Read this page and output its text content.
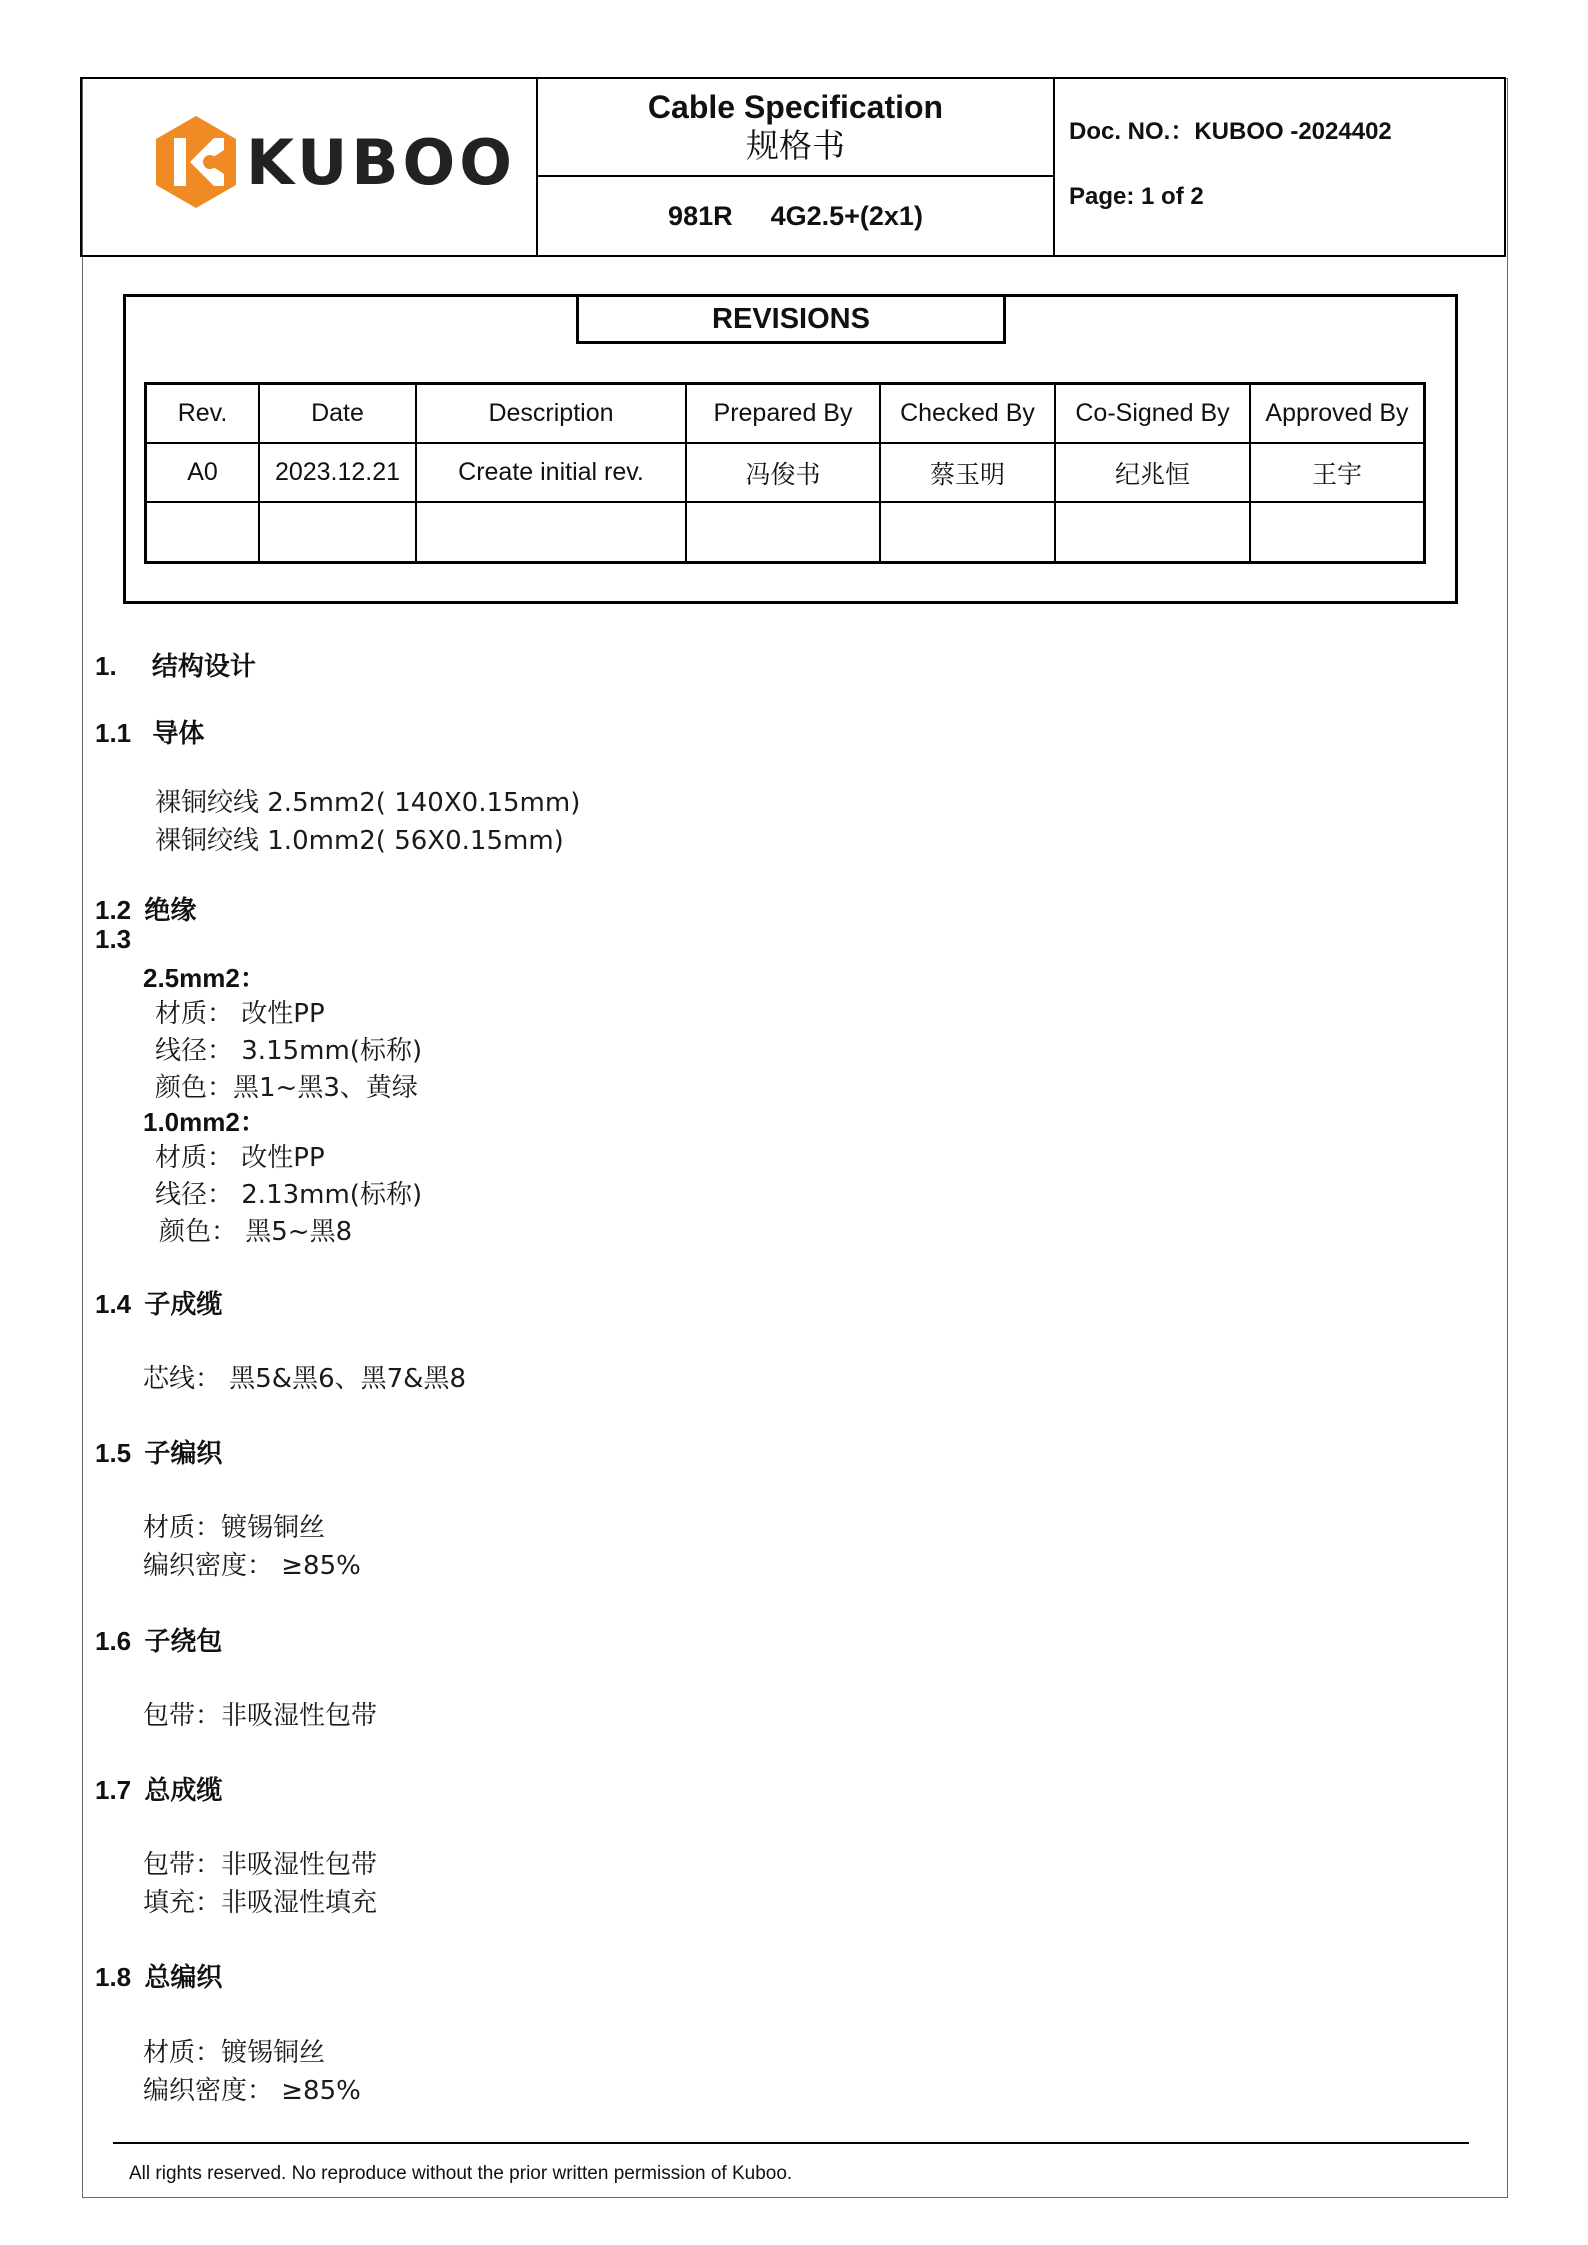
KUBOO
Cable Specification
规格书
981R 4G2.5+(2x1)
Doc. NO.：KUBOO -2024402
Page: 1 of 2
REVISIONS
Rev.	Date	Description	Prepared By	Checked By	Co-Signed By	Approved By
A0	2023.12.21	Create initial rev.	冯俊书	蔡玉明	纪兆恒	王宇

1. 结构设计
1.1 导体
裸铜绞线 2.5mm2( 140X0.15mm)
裸铜绞线 1.0mm2( 56X0.15mm)
1.2 绝缘
1.3
2.5mm2：
材质： 改性PP
线径： 3.15mm(标称)
颜色：黑1~黑3、黄绿
1.0mm2：
材质： 改性PP
线径： 2.13mm(标称)
颜色： 黑5~黑8
1.4 子成缆
芯线： 黑5&黑6、黑7&黑8
1.5 子编织
材质：镀锡铜丝
编织密度： ≥85%
1.6 子绕包
包带：非吸湿性包带
1.7 总成缆
包带：非吸湿性包带
填充：非吸湿性填充
1.8 总编织
材质：镀锡铜丝
编织密度： ≥85%
All rights reserved. No reproduce without the prior written permission of Kuboo.
